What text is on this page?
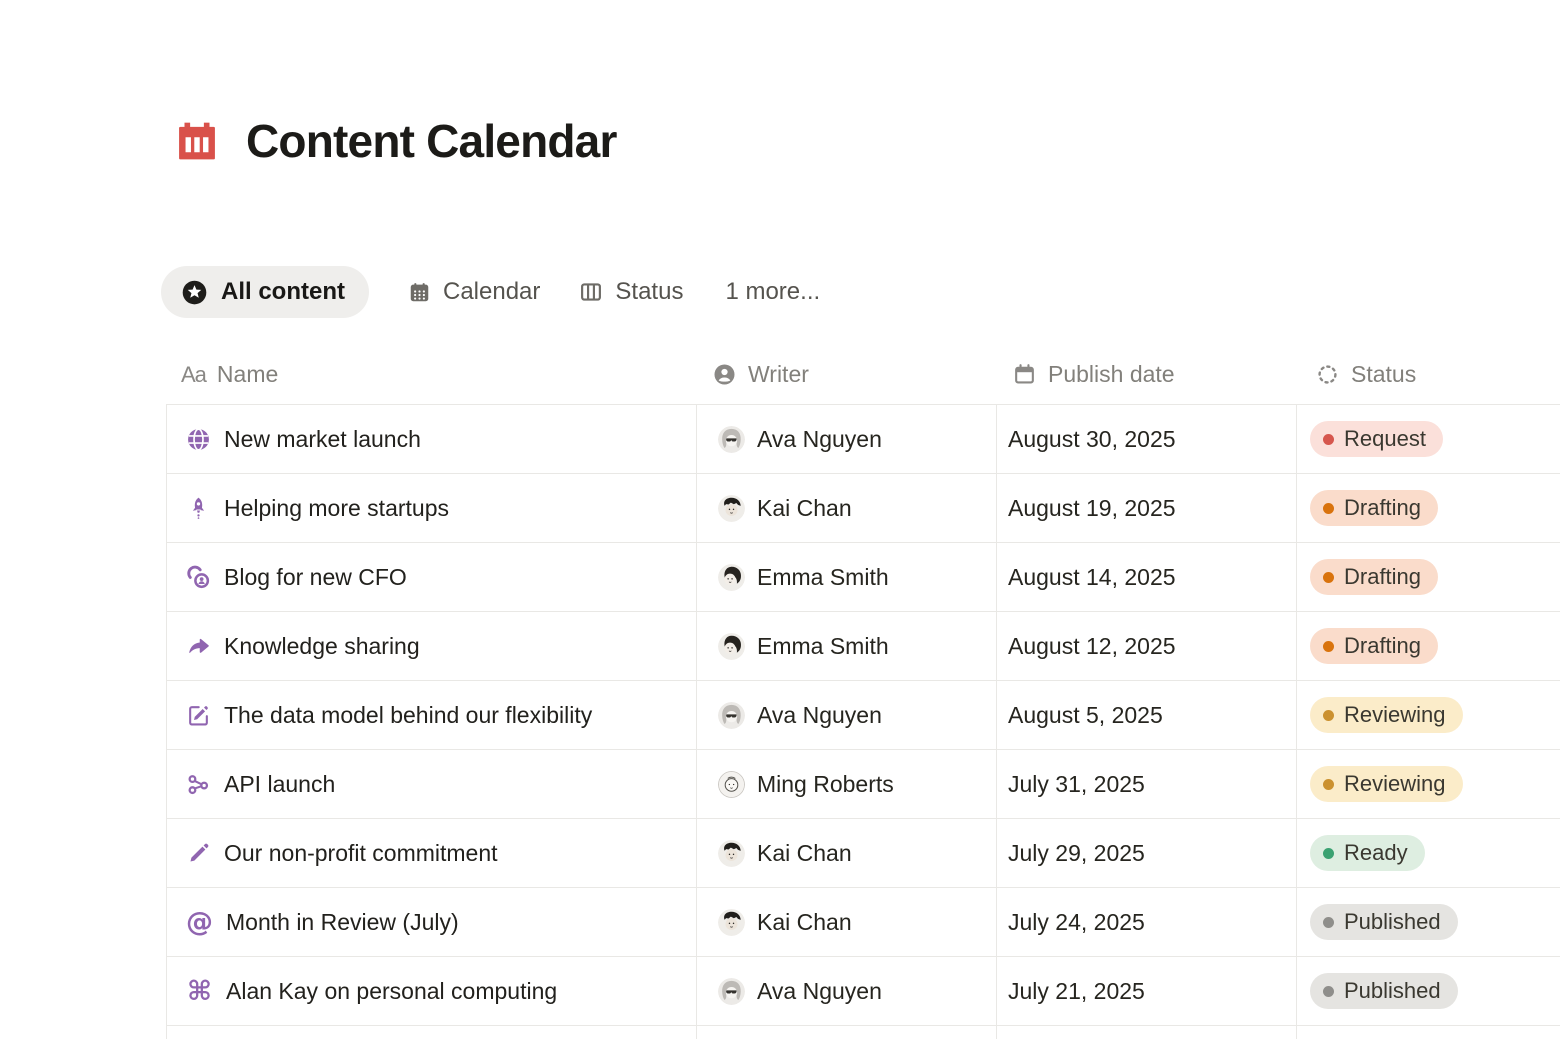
Content Calendar
All content	Calendar	Status 1 more...
Aa Name	Writer	Publish date	Status
New market launch	Ava Nguyen	August 30, 2025	Request
Helping more startups	Kai Chan	August 19, 2025	Drafting
Blog for new CFO	Emma Smith	August 14, 2025	Drafting
Knowledge sharing	Emma Smith	August 12, 2025	Drafting
The data model behind our flexibility	Ava Nguyen	August 5, 2025	Reviewing
API launch	Ming Roberts	July 31, 2025	Reviewing
Our non-profit commitment	Kai Chan	July 29, 2025	Ready
@ Month in Review (July)	Kai Chan	July 24, 2025	Published
⌘ Alan Kay on personal computing	Ava Nguyen	July 21, 2025	Published
